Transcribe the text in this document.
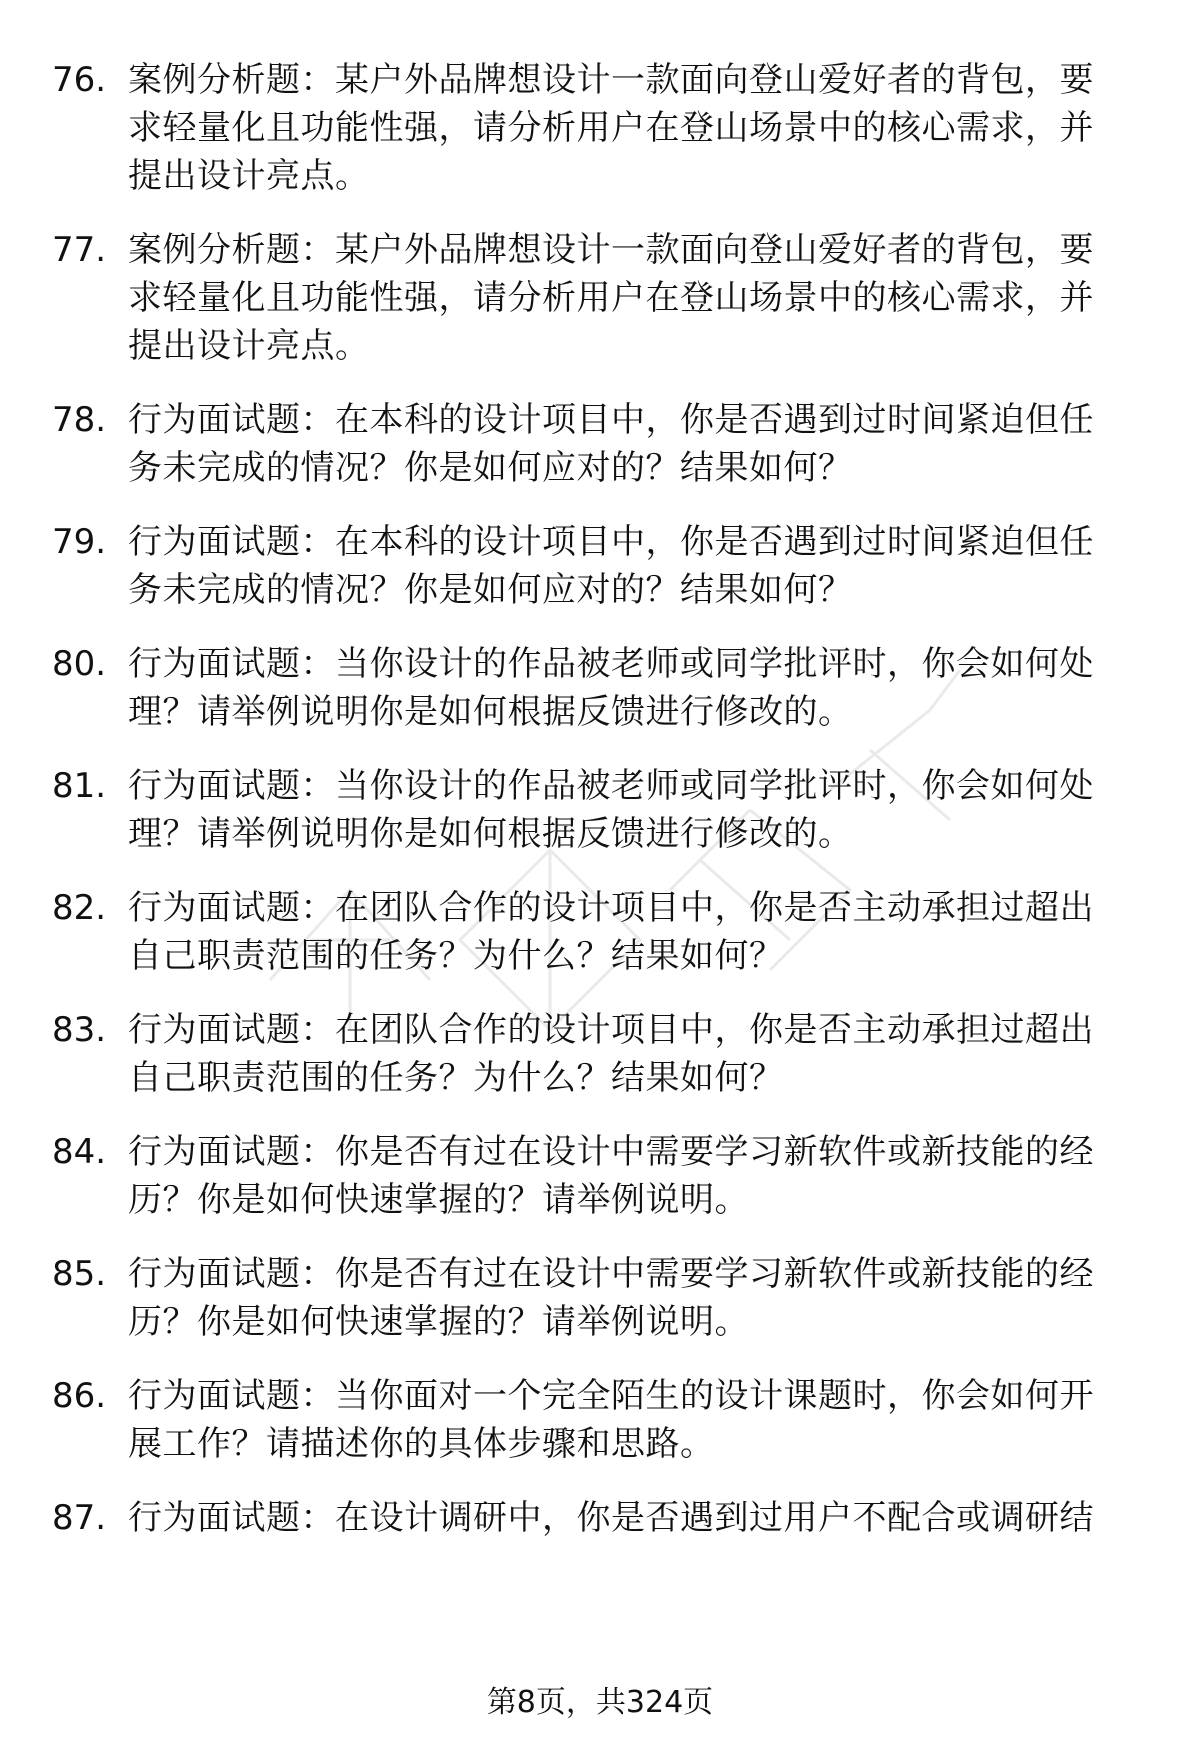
76. 案例分析题：某户外品牌想设计一款面向登山爱好者的背包，要
求轻量化且功能性强，请分析用户在登山场景中的核心需求，并
提出设计亮点。
77. 案例分析题：某户外品牌想设计一款面向登山爱好者的背包，要
求轻量化且功能性强，请分析用户在登山场景中的核心需求，并
提出设计亮点。
78. 行为面试题：在本科的设计项目中，你是否遇到过时间紧迫但任
务未完成的情况？你是如何应对的？结果如何？
79. 行为面试题：在本科的设计项目中，你是否遇到过时间紧迫但任
务未完成的情况？你是如何应对的？结果如何？
80. 行为面试题：当你设计的作品被老师或同学批评时，你会如何处
理？请举例说明你是如何根据反馈进行修改的。
81. 行为面试题：当你设计的作品被老师或同学批评时，你会如何处
理？请举例说明你是如何根据反馈进行修改的。
82. 行为面试题：在团队合作的设计项目中，你是否主动承担过超出
自己职责范围的任务？为什么？结果如何？
83. 行为面试题：在团队合作的设计项目中，你是否主动承担过超出
自己职责范围的任务？为什么？结果如何？
84. 行为面试题：你是否有过在设计中需要学习新软件或新技能的经
历？你是如何快速掌握的？请举例说明。
85. 行为面试题：你是否有过在设计中需要学习新软件或新技能的经
历？你是如何快速掌握的？请举例说明。
86. 行为面试题：当你面对一个完全陌生的设计课题时，你会如何开
展工作？请描述你的具体步骤和思路。
87. 行为面试题：在设计调研中，你是否遇到过用户不配合或调研结
第8页，共324页
